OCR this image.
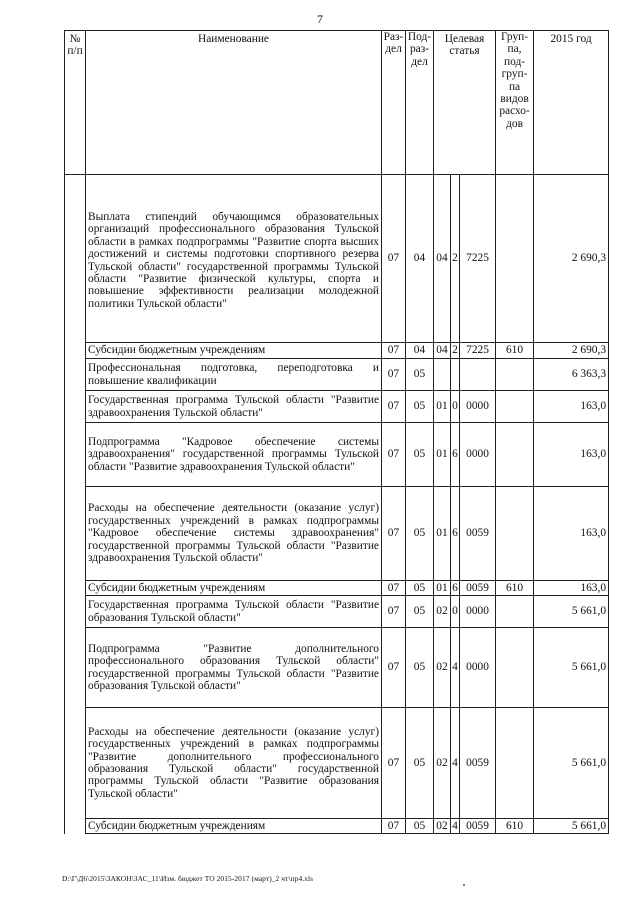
7
№ п/п	Наименование	Раз- дел	Под- раз- дел	Целевая статья			Груп- па, под- груп- па видов расхо- дов	2015 год
	Выплата стипендий обучающимся образовательных организаций профессионального образования Тульской области в рамках подпрограммы "Развитие спорта высших достижений и системы подготовки спортивного резерва Тульской области" государственной программы Тульской области "Развитие физической культуры, спорта и повышение эффективности реализации молодежной политики Тульской области"	07	04	04	2	7225		2 690,3
	Субсидии бюджетным учреждениям	07	04	04	2	7225	610	2 690,3
	Профессиональная подготовка, переподготовка и повышение квалификации	07	05					6 363,3
	Государственная программа Тульской области "Развитие здравоохранения Тульской области"	07	05	01	0	0000		163,0
	Подпрограмма "Кадровое обеспечение системы здравоохранения" государственной программы Тульской области "Развитие здравоохранения Тульской области"	07	05	01	6	0000		163,0
	Расходы на обеспечение деятельности (оказание услуг) государственных учреждений в рамках подпрограммы "Кадровое обеспечение системы здравоохранения" государственной программы Тульской области "Развитие здравоохранения Тульской области"	07	05	01	6	0059		163,0
	Субсидии бюджетным учреждениям	07	05	01	6	0059	610	163,0
	Государственная программа Тульской области "Развитие образования Тульской области"	07	05	02	0	0000		5 661,0
	Подпрограмма "Развитие дополнительного профессионального образования Тульской области" государственной программы Тульской области "Развитие образования Тульской области"	07	05	02	4	0000		5 661,0
	Расходы на обеспечение деятельности (оказание услуг) государственных учреждений в рамках подпрограммы "Развитие дополнительного профессионального образования Тульской области" государственной программы Тульской области "Развитие образования Тульской области"	07	05	02	4	0059		5 661,0
	Субсидии бюджетным учреждениям	07	05	02	4	0059	610	5 661,0
D:\Г\Д6\2015\ЗАКОН\ЗАС_11\Изм. бюджет ТО 2015-2017 (март)_2 чт\пр4.xls
